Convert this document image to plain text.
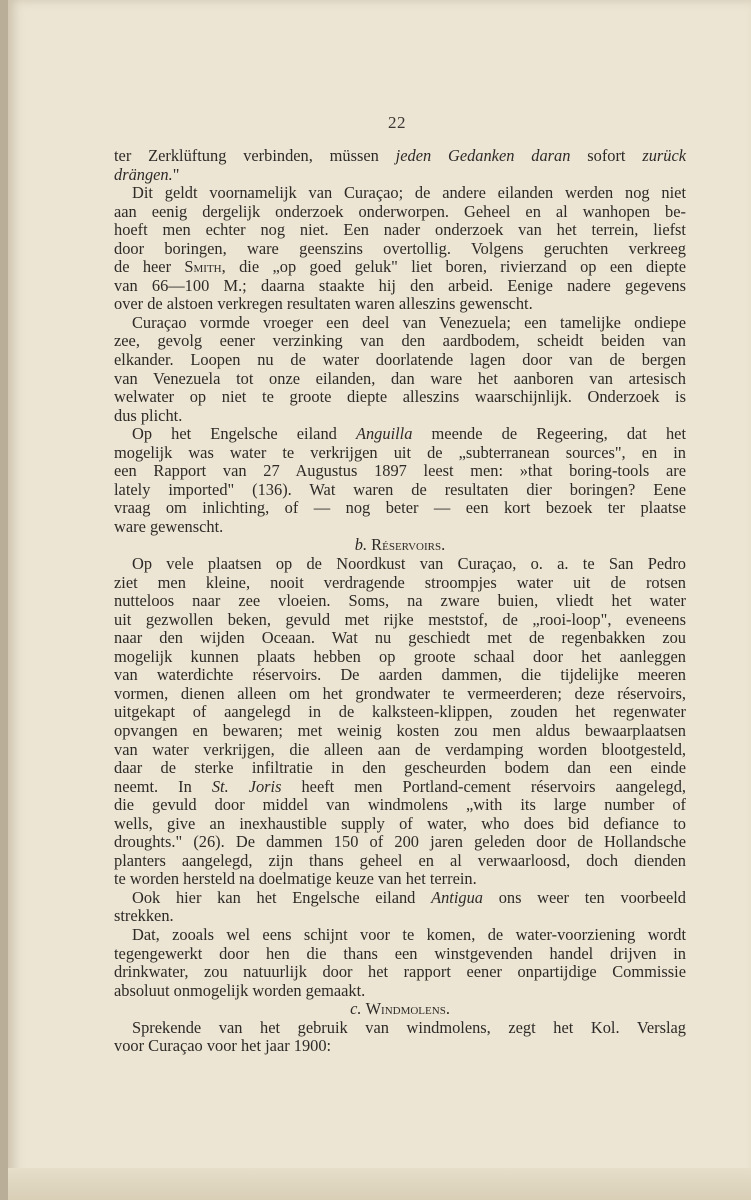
22
ter Zerklüftung verbinden, müssen jeden Gedanken daran sofort zurück
drängen."
Dit geldt voornamelijk van Curaçao; de andere eilanden werden nog niet
aan eenig dergelijk onderzoek onderworpen. Geheel en al wanhopen be-
hoeft men echter nog niet. Een nader onderzoek van het terrein, liefst
door boringen, ware geenszins overtollig. Volgens geruchten verkreeg
de heer Smith, die „op goed geluk" liet boren, rivierzand op een diepte
van 66—100 M.; daarna staakte hij den arbeid. Eenige nadere gegevens
over de alstoen verkregen resultaten waren alleszins gewenscht.
Curaçao vormde vroeger een deel van Venezuela; een tamelijke ondiepe
zee, gevolg eener verzinking van den aardbodem, scheidt beiden van
elkander. Loopen nu de water doorlatende lagen door van de bergen
van Venezuela tot onze eilanden, dan ware het aanboren van artesisch
welwater op niet te groote diepte alleszins waarschijnlijk. Onderzoek is
dus plicht.
Op het Engelsche eiland Anguilla meende de Regeering, dat het
mogelijk was water te verkrijgen uit de „subterranean sources", en in
een Rapport van 27 Augustus 1897 leest men: »that boring-tools are
lately imported" (136). Wat waren de resultaten dier boringen? Eene
vraag om inlichting, of — nog beter — een kort bezoek ter plaatse
ware gewenscht.
b. Réservoirs.
Op vele plaatsen op de Noordkust van Curaçao, o. a. te San Pedro
ziet men kleine, nooit verdragende stroompjes water uit de rotsen
nutteloos naar zee vloeien. Soms, na zware buien, vliedt het water
uit gezwollen beken, gevuld met rijke meststof, de „rooi-loop", eveneens
naar den wijden Oceaan. Wat nu geschiedt met de regenbakken zou
mogelijk kunnen plaats hebben op groote schaal door het aanleggen
van waterdichte réservoirs. De aarden dammen, die tijdelijke meeren
vormen, dienen alleen om het grondwater te vermeerderen; deze réservoirs,
uitgekapt of aangelegd in de kalksteen-klippen, zouden het regenwater
opvangen en bewaren; met weinig kosten zou men aldus bewaarplaatsen
van water verkrijgen, die alleen aan de verdamping worden blootgesteld,
daar de sterke infiltratie in den gescheurden bodem dan een einde
neemt. In St. Joris heeft men Portland-cement réservoirs aangelegd,
die gevuld door middel van windmolens „with its large number of
wells, give an inexhaustible supply of water, who does bid defiance to
droughts." (26). De dammen 150 of 200 jaren geleden door de Hollandsche
planters aangelegd, zijn thans geheel en al verwaarloosd, doch dienden
te worden hersteld na doelmatige keuze van het terrein.
Ook hier kan het Engelsche eiland Antigua ons weer ten voorbeeld
strekken.
Dat, zooals wel eens schijnt voor te komen, de water-voorziening wordt
tegengewerkt door hen die thans een winstgevenden handel drijven in
drinkwater, zou natuurlijk door het rapport eener onpartijdige Commissie
absoluut onmogelijk worden gemaakt.
c. Windmolens.
Sprekende van het gebruik van windmolens, zegt het Kol. Verslag
voor Curaçao voor het jaar 1900:
